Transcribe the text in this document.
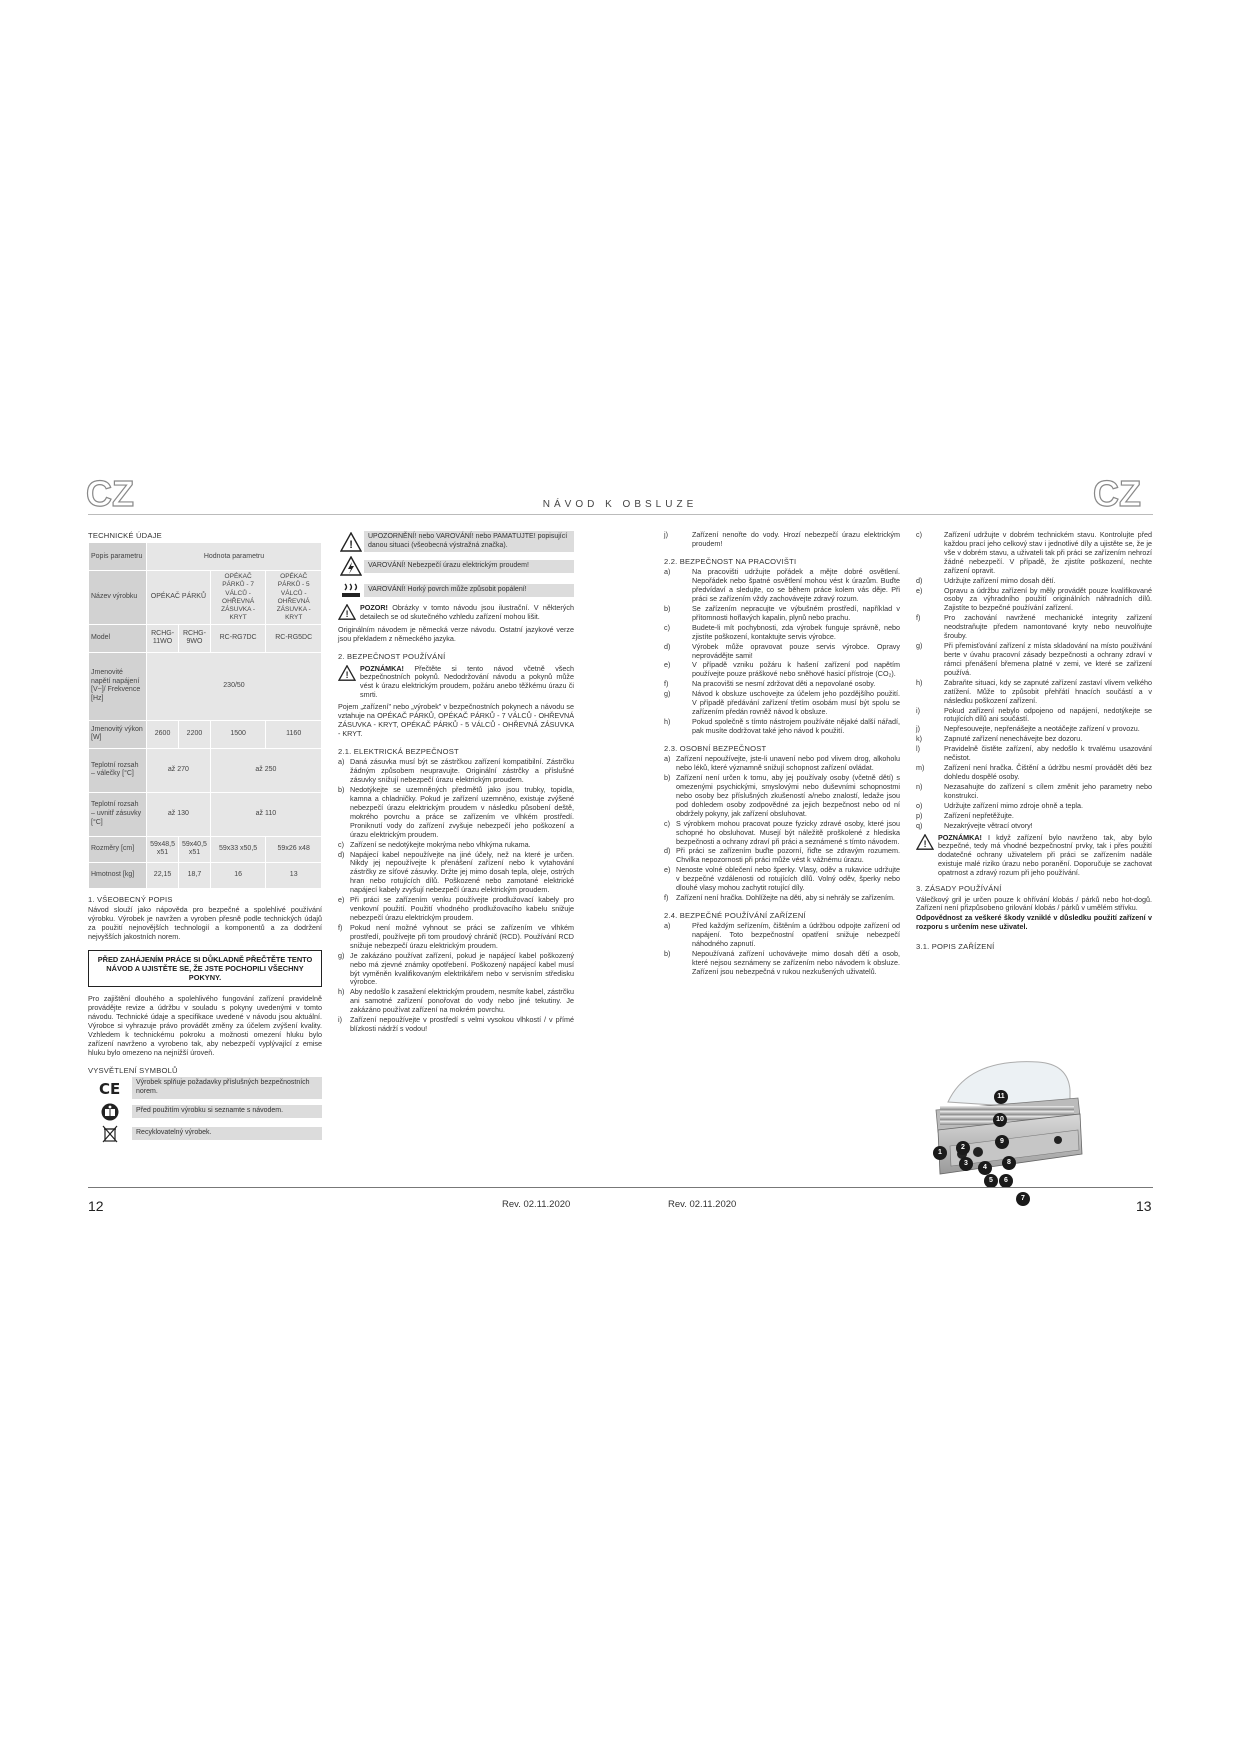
CZ	CZ
NÁVOD K OBSLUZE
TECHNICKÉ ÚDAJE
Popis parametru	Hodnota parametru			
Název výrobku	OPÉKAČ PÁRKŮ		OPÉKAČ PÁRKŮ - 7 VÁLCŮ - OHŘEVNÁ ZÁSUVKA - KRYT	OPÉKAČ PÁRKŮ - 5 VÁLCŮ - OHŘEVNÁ ZÁSUVKA - KRYT
Model	RCHG-11WO	RCHG-9WO	RC-RG7DC	RC-RG5DC
Jmenovité napětí napájení [V~]/ Frekvence [Hz]	230/50			
Jmenovitý výkon [W]	2600	2200	1500	1160
Teplotní rozsah – válečky [°C]	až 270		až 250	
Teplotní rozsah – uvnitř zásuvky [°C]	až 130		až 110	
Rozměry [cm]	59x48,5 x51	59x40,5 x51	59x33 x50,5	59x26 x48
Hmotnost [kg]	22,15	18,7	16	13
1. VŠEOBECNÝ POPIS

Návod slouží jako nápověda pro bezpečné a spolehlivé používání výrobku. Výrobek je navržen a vyroben přesně podle technických údajů za použití nejnovějších technologií a komponentů a za dodržení nejvyšších jakostních norem.

PŘED ZAHÁJENÍM PRÁCE SI DŮKLADNĚ PŘEČTĚTE TENTO NÁVOD A UJISTĚTE SE, ŽE JSTE POCHOPILI VŠECHNY POKYNY.

Pro zajištění dlouhého a spolehlivého fungování zařízení pravidelně provádějte revize a údržbu v souladu s pokyny uvedenými v tomto návodu. Technické údaje a specifikace uvedené v návodu jsou aktuální. Výrobce si vyhrazuje právo provádět změny za účelem zvýšení kvality. Vzhledem k technickému pokroku a možnosti omezení hluku bylo zařízení navrženo a vyrobeno tak, aby nebezpečí vyplývající z emise hluku bylo omezeno na nejnižší úroveň.

VYSVĚTLENÍ SYMBOLŮ
CE	Výrobek splňuje požadavky příslušných bezpečnostních norem.
Před použitím výrobku si seznamte s návodem.
Recyklovatelný výrobek.
!
UPOZORNĚNÍ! nebo VAROVÁNÍ! nebo PAMATUJTE! popisující danou situaci (všeobecná výstražná značka).
VAROVÁNÍ! Nebezpečí úrazu elektrickým proudem!
VAROVÁNÍ! Horký povrch může způsobit popálení!
!
POZOR! Obrázky v tomto návodu jsou ilustrační. V některých detailech se od skutečného vzhledu zařízení mohou lišit.

Originálním návodem je německá verze návodu. Ostatní jazykové verze jsou překladem z německého jazyka.

2. BEZPEČNOST POUŽÍVÁNÍ
!
POZNÁMKA! Přečtěte si tento návod včetně všech bezpečnostních pokynů. Nedodržování návodu a pokynů může vést k úrazu elektrickým proudem, požáru anebo těžkému úrazu či smrti.

Pojem „zařízení" nebo „výrobek" v bezpečnostních pokynech a návodu se vztahuje na OPÉKAČ PÁRKŮ, OPÉKAČ PÁRKŮ - 7 VÁLCŮ - OHŘEVNÁ ZÁSUVKA - KRYT, OPÉKAČ PÁRKŮ - 5 VÁLCŮ - OHŘEVNÁ ZÁSUVKA - KRYT.

2.1. ELEKTRICKÁ BEZPEČNOST
a) Daná zásuvka musí být se zástrčkou zařízení kompatibilní. Zástrčku žádným způsobem neupravujte. Originální zástrčky a příslušné zásuvky snižují nebezpečí úrazu elektrickým proudem.
b) Nedotýkejte se uzemněných předmětů jako jsou trubky, topidla, kamna a chladničky. Pokud je zařízení uzemněno, existuje zvýšené nebezpečí úrazu elektrickým proudem v následku působení deště, mokrého povrchu a práce se zařízením ve vlhkém prostředí. Proniknutí vody do zařízení zvyšuje nebezpečí jeho poškození a úrazu elektrickým proudem.
c) Zařízení se nedotýkejte mokrýma nebo vlhkýma rukama.
d) Napájecí kabel nepoužívejte na jiné účely, než na které je určen. Nikdy jej nepoužívejte k přenášení zařízení nebo k vytahování zástrčky ze síťové zásuvky. Držte jej mimo dosah tepla, oleje, ostrých hran nebo rotujících dílů. Poškozené nebo zamotané elektrické napájecí kabely zvyšují nebezpečí úrazu elektrickým proudem.
e) Při práci se zařízením venku používejte prodlužovací kabely pro venkovní použití. Použití vhodného prodlužovacího kabelu snižuje nebezpečí úrazu elektrickým proudem.
f)	Pokud není možné vyhnout se práci se zařízením ve vlhkém prostředí, používejte při tom proudový chránič (RCD). Používání RCD snižuje nebezpečí úrazu elektrickým proudem.
g) Je zakázáno používat zařízení, pokud je napájecí kabel poškozený nebo má zjevné známky opotřebení. Poškozený napájecí kabel musí být vyměněn kvalifikovaným elektrikářem nebo v servisním středisku výrobce.
h) Aby nedošlo k zasažení elektrickým proudem, nesmíte kabel, zástrčku ani samotné zařízení ponořovat do vody nebo jiné tekutiny. Je zakázáno používat zařízení na mokrém povrchu.
i)	Zařízení nepoužívejte v prostředí s velmi vysokou vlhkostí / v přímé blízkosti nádrží s vodou!
j)	Zařízení nenořte do vody. Hrozí nebezpečí úrazu elektrickým proudem!
2.2. BEZPEČNOST NA PRACOVIŠTI
a)	Na pracovišti udržujte pořádek a mějte dobré osvětlení. Nepořádek nebo špatné osvětlení mohou vést k úrazům. Buďte předvídaví a sledujte, co se během práce kolem vás děje. Při práci se zařízením vždy zachovávejte zdravý rozum.
b)	Se zařízením nepracujte ve výbušném prostředí, například v přítomnosti hořlavých kapalin, plynů nebo prachu.
c)	Budete-li mít pochybnosti, zda výrobek funguje správně, nebo zjistíte poškození, kontaktujte servis výrobce.
d)	Výrobek může opravovat pouze servis výrobce. Opravy neprovádějte sami!
e)	V případě vzniku požáru k hašení zařízení pod napětím používejte pouze práškové nebo sněhové hasicí přístroje (CO₂).
f)	Na pracovišti se nesmí zdržovat děti a nepovolané osoby.
g)	Návod k obsluze uschovejte za účelem jeho pozdějšího použití. V případě předávání zařízení třetím osobám musí být spolu se zařízením předán rovněž návod k obsluze.
h)	Pokud společně s tímto nástrojem používáte nějaké další nářadí, pak musíte dodržovat také jeho návod k použití.
2.3. OSOBNÍ BEZPEČNOST
a) Zařízení nepoužívejte, jste-li unavení nebo pod vlivem drog, alkoholu nebo léků, které významně snižují schopnost zařízení ovládat.
b) Zařízení není určen k tomu, aby jej používaly osoby (včetně dětí) s omezenými psychickými, smyslovými nebo duševními schopnostmi nebo osoby bez příslušných zkušeností a/nebo znalostí, ledaže jsou pod dohledem osoby zodpovědné za jejich bezpečnost nebo od ní obdržely pokyny, jak zařízení obsluhovat.
c) S výrobkem mohou pracovat pouze fyzicky zdravé osoby, které jsou schopné ho obsluhovat. Musejí být náležitě proškolené z hlediska bezpečnosti a ochrany zdraví při práci a seznámené s tímto návodem.
d) Při práci se zařízením buďte pozorní, řiďte se zdravým rozumem. Chvilka nepozornosti při práci může vést k vážnému úrazu.
e) Nenoste volné oblečení nebo šperky. Vlasy, oděv a rukavice udržujte v bezpečné vzdálenosti od rotujících dílů. Volný oděv, šperky nebo dlouhé vlasy mohou zachytit rotující díly.
f)	Zařízení není hračka. Dohlížejte na děti, aby si nehrály se zařízením.
2.4. BEZPEČNÉ POUŽÍVÁNÍ ZAŘÍZENÍ
a)	Před každým seřízením, čištěním a údržbou odpojte zařízení od napájení. Toto bezpečnostní opatření snižuje nebezpečí náhodného zapnutí.
b)	Nepoužívaná zařízení uchovávejte mimo dosah dětí a osob, které nejsou seznámeny se zařízením nebo návodem k obsluze. Zařízení jsou nebezpečná v rukou nezkušených uživatelů.
c)	Zařízení udržujte v dobrém technickém stavu. Kontrolujte před každou prací jeho celkový stav i jednotlivé díly a ujistěte se, že je vše v dobrém stavu, a uživateli tak při práci se zařízením nehrozí žádné nebezpečí. V případě, že zjistíte poškození, nechte zařízení opravit.
d)	Udržujte zařízení mimo dosah dětí.
e)	Opravu a údržbu zařízení by měly provádět pouze kvalifikované osoby za výhradního použití originálních náhradních dílů. Zajistíte to bezpečné používání zařízení.
f)	Pro zachování navržené mechanické integrity zařízení neodstraňujte předem namontované kryty nebo neuvolňujte šrouby.
g)	Při přemisťování zařízení z místa skladování na místo používání berte v úvahu pracovní zásady bezpečnosti a ochrany zdraví v rámci přenášení břemena platné v zemi, ve které se zařízení používá.
h)	Zabraňte situaci, kdy se zapnuté zařízení zastaví vlivem velkého zatížení. Může to způsobit přehřátí hnacích součástí a v následku poškození zařízení.
i)	Pokud zařízení nebylo odpojeno od napájení, nedotýkejte se rotujících dílů ani součástí.
j)	Nepřesouvejte, nepřenášejte a neotáčejte zařízení v provozu.
k)	Zapnuté zařízení nenechávejte bez dozoru.
l)	Pravidelně čistěte zařízení, aby nedošlo k trvalému usazování nečistot.
m)	Zařízení není hračka. Čištění a údržbu nesmí provádět děti bez dohledu dospělé osoby.
n)	Nezasahujte do zařízení s cílem změnit jeho parametry nebo konstrukci.
o)	Udržujte zařízení mimo zdroje ohně a tepla.
p)	Zařízení nepřetěžujte.
q)	Nezakrývejte větrací otvory!
!
POZNÁMKA! I když zařízení bylo navrženo tak, aby bylo bezpečné, tedy má vhodné bezpečnostní prvky, tak i přes použití dodatečné ochrany uživatelem při práci se zařízením nadále existuje malé riziko úrazu nebo poranění. Doporučuje se zachovat opatrnost a zdravý rozum při jeho používání.
3. ZÁSADY POUŽÍVÁNÍ

Válečkový gril je určen pouze k ohřívání klobás / párků nebo hot-dogů. Zařízení není přizpůsobeno grilování klobás / párků v umělém střívku.

Odpovědnost za veškeré škody vzniklé v důsledku použití zařízení v rozporu s určením nese uživatel.

3.1. POPIS ZAŘÍZENÍ
1
2
3
4
5	6
7
8
9
10
11
12	Rev. 02.11.2020	Rev. 02.11.2020	13
